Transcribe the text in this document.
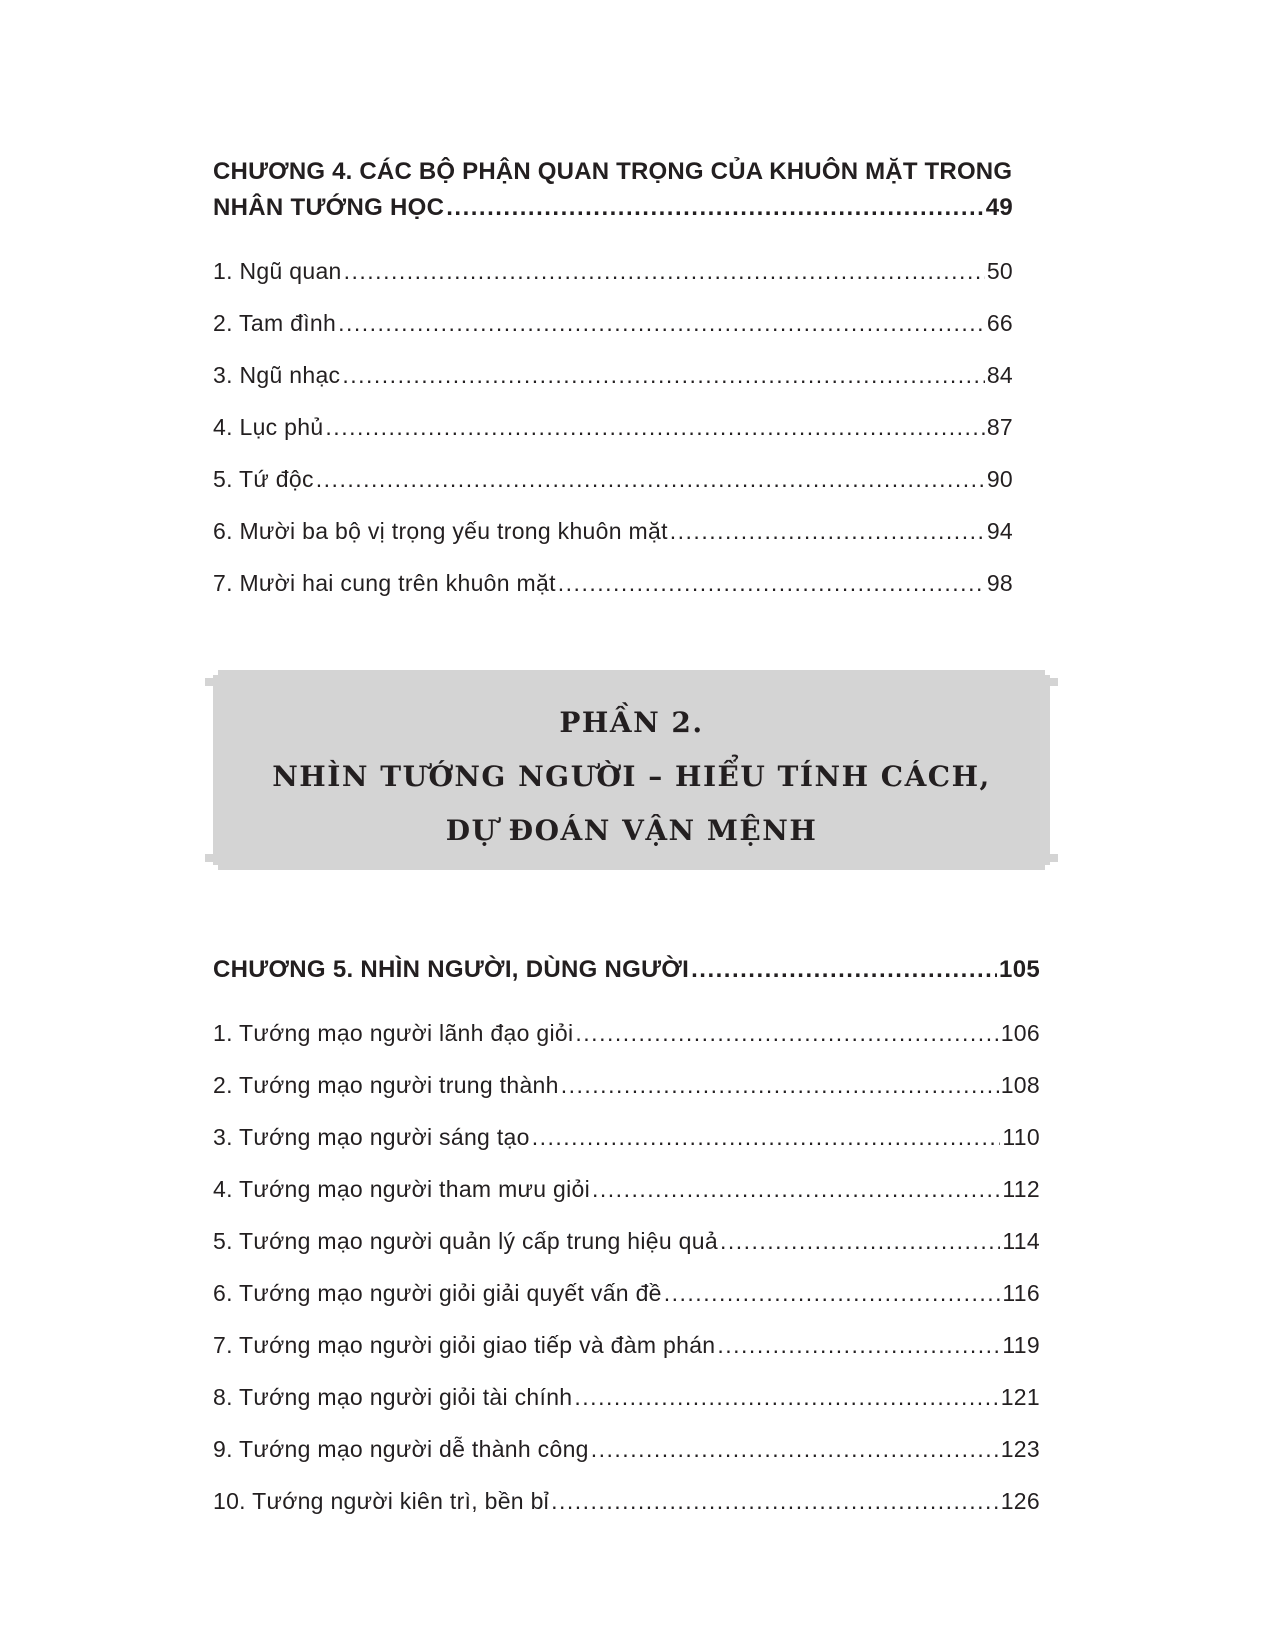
CHƯƠNG 4. CÁC BỘ PHẬN QUAN TRỌNG CỦA KHUÔN MẶT TRONG
NHÂN TƯỚNG HỌC .....	49
1. Ngũ quan .....	50
2. Tam đình .....	66
3. Ngũ nhạc .....	84
4. Lục phủ .....	87
5. Tứ độc .....	90
6. Mười ba bộ vị trọng yếu trong khuôn mặt .....	94
7. Mười hai cung trên khuôn mặt .....	98
PHẦN 2.
NHÌN TƯỚNG NGƯỜI – HIỂU TÍNH CÁCH,
DỰ ĐOÁN VẬN MỆNH
CHƯƠNG 5. NHÌN NGƯỜI, DÙNG NGƯỜI .....	105
1. Tướng mạo người lãnh đạo giỏi .....	106
2. Tướng mạo người trung thành .....	108
3. Tướng mạo người sáng tạo .....	110
4. Tướng mạo người tham mưu giỏi .....	112
5. Tướng mạo người quản lý cấp trung hiệu quả .....	114
6. Tướng mạo người giỏi giải quyết vấn đề .....	116
7. Tướng mạo người giỏi giao tiếp và đàm phán .....	119
8. Tướng mạo người giỏi tài chính .....	121
9. Tướng mạo người dễ thành công .....	123
10. Tướng người kiên trì, bền bỉ .....	126
